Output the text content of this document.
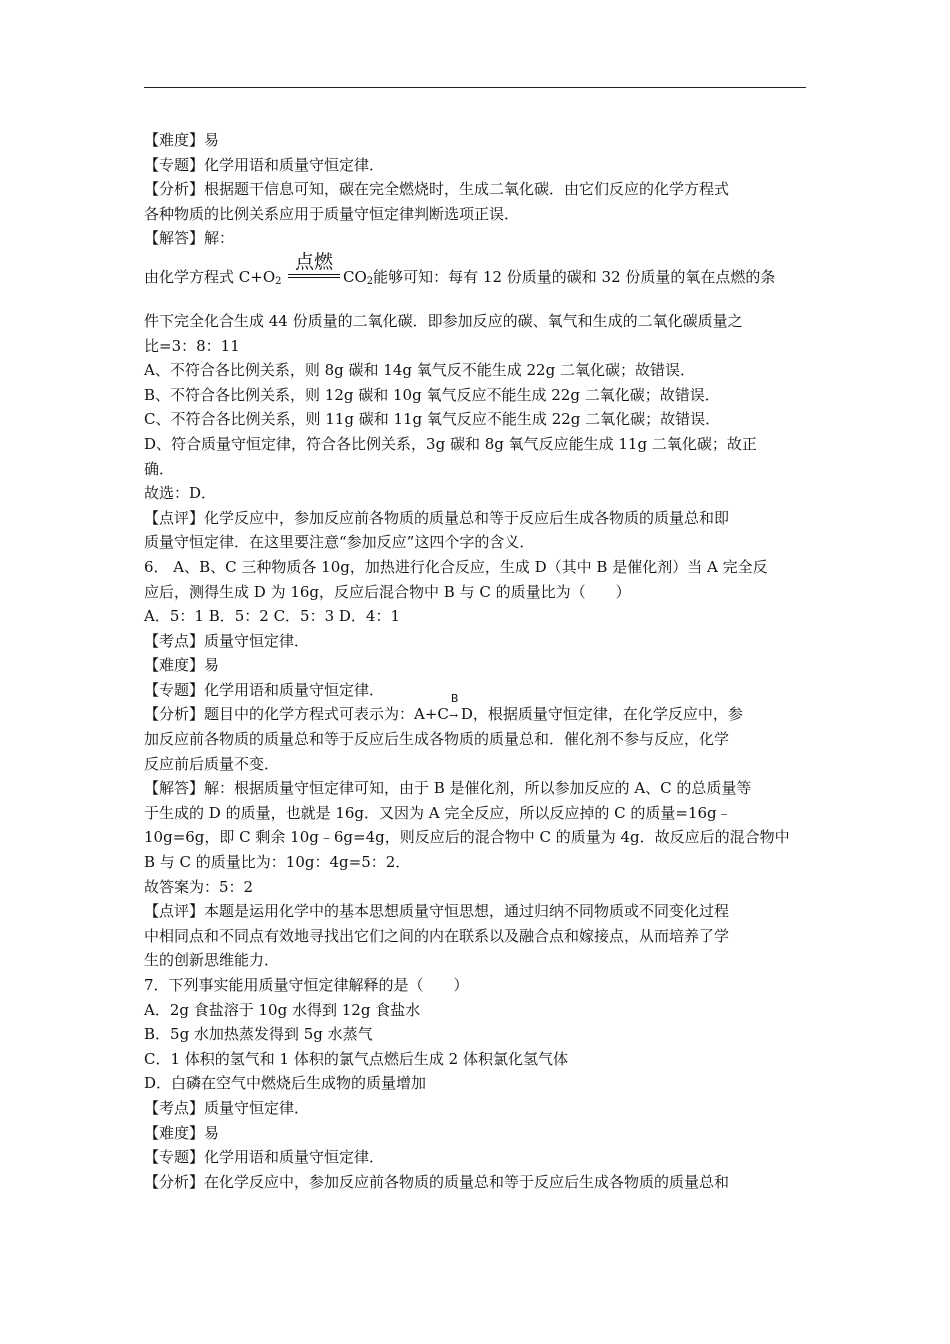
【难度】易
【专题】化学用语和质量守恒定律．
【分析】根据题干信息可知，碳在完全燃烧时，生成二氧化碳．由它们反应的化学方程式
各种物质的比例关系应用于质量守恒定律判断选项正误．
【解答】解：
由化学方程式 $C+O_2$
点燃
$CO_2$能够可知：每有 12 份质量的碳和 32 份质量的氧在点燃的条
件下完全化合生成 44 份质量的二氧化碳．即参加反应的碳、氧气和生成的二氧化碳质量之
比=3：8：11
A、不符合各比例关系，则 8g 碳和 14g 氧气反不能生成 22g 二氧化碳；故错误．
B、不符合各比例关系，则 12g 碳和 10g 氧气反应不能生成 22g 二氧化碳；故错误．
C、不符合各比例关系，则 11g 碳和 11g 氧气反应不能生成 22g 二氧化碳；故错误．
D、符合质量守恒定律，符合各比例关系，3g 碳和 8g 氧气反应能生成 11g 二氧化碳；故正
确．
故选：D．
【点评】化学反应中，参加反应前各物质的质量总和等于反应后生成各物质的质量总和即
质量守恒定律．在这里要注意“参加反应”这四个字的含义．
6． A、B、C 三种物质各 10g，加热进行化合反应，生成 D（其中 B 是催化剂）当 A 完全反
应后，测得生成 D 为 16g，反应后混合物中 B 与 C 的质量比为（　　）
A．5：1 B．5：2 C．5：3 D．4：1
【考点】质量守恒定律．
【难度】易
【专题】化学用语和质量守恒定律．
【分析】题目中的化学方程式可表示为：A+C
B
→ D，根据质量守恒定律，在化学反应中，参
加反应前各物质的质量总和等于反应后生成各物质的质量总和．催化剂不参与反应，化学
反应前后质量不变．
【解答】解：根据质量守恒定律可知，由于 B 是催化剂，所以参加反应的 A、C 的总质量等
于生成的 D 的质量，也就是 16g．又因为 A 完全反应，所以反应掉的 C 的质量=16g﹣
10g=6g，即 C 剩余 10g﹣6g=4g，则反应后的混合物中 C 的质量为 4g．故反应后的混合物中
B 与 C 的质量比为：10g：4g=5：2．
故答案为：5：2
【点评】本题是运用化学中的基本思想质量守恒思想，通过归纳不同物质或不同变化过程
中相同点和不同点有效地寻找出它们之间的内在联系以及融合点和嫁接点，从而培养了学
生的创新思维能力．
7．下列事实能用质量守恒定律解释的是（　　）
A．2g 食盐溶于 10g 水得到 12g 食盐水
B．5g 水加热蒸发得到 5g 水蒸气
C．1 体积的氢气和 1 体积的氯气点燃后生成 2 体积氯化氢气体
D．白磷在空气中燃烧后生成物的质量增加
【考点】质量守恒定律．
【难度】易
【专题】化学用语和质量守恒定律．
【分析】在化学反应中，参加反应前各物质的质量总和等于反应后生成各物质的质量总和
